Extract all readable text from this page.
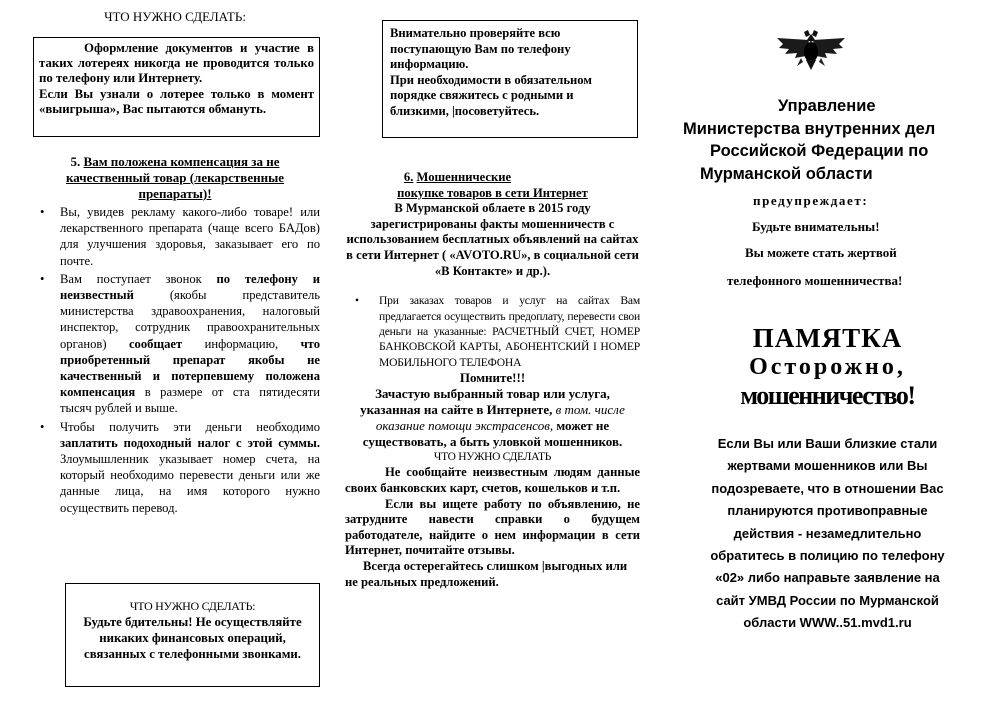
ЧТО НУЖНО СДЕЛАТЬ:

Оформление документов и участие в таких лотереях никогда не проводится только по телефону или Интернету.

Если Вы узнали о лотерее только в момент «выигрыша», Вас пытаются обмануть.

5. Вам положена компенсация за не качественный товар (лекарственные препараты)!

• Вы, увидев рекламу какого-либо товаре! или лекарственного препарата (чаще всего БАДов) для улучшения здоровья, заказывает его по почте.
• Вам поступает звонок по телефону и неизвестный (якобы представитель министерства здравоохранения, налоговый инспектор, сотрудник правоохранительных органов) сообщает информацию, что приобретенный препарат якобы не качественный и потерпевшему положена компенсация в размере от ста пятидесяти тысяч рублей и выше.
• Чтобы получить эти деньги необходимо заплатить подоходный налог с этой суммы. Злоумышленник указывает номер счета, на который необходимо перевести деньги или же данные лица, на имя которого нужно осуществить перевод.

ЧТО НУЖНО СДЕЛАТЬ:

Будьте бдительны! Не осуществляйте никаких финансовых операций, связанных с телефонными звонками.

Внимательно проверяйте всю поступающую Вам по телефону информацию.

При необходимости в обязательном порядке свяжитесь с родными и близкими, |посоветуйтесь.

6. Мошеннические

покупке товаров в сети Интернет

В Мурманской облаете в 2015 году зарегистрированы факты мошенничеств с использованием бесплатных объявлений на сайтах в сети Интернет ( «AVOTO.RU», в социальной сети «В Контакте» и др.).

• При заказах товаров и услуг на сайтах Вам предлагается осуществить предоплату, перевести свои деньги на указанные: РАСЧЕТНЫЙ СЧЕТ, НОМЕР БАНКОВСКОЙ КАРТЫ, АБОНЕНТСКИЙ I НОМЕР МОБИЛЬНОГО ТЕЛЕФОНА

Помните!!!

Зачастую выбранный товар или услуга, указанная на сайте в Интернете, в том. числе оказание помощи экстрасенсов, может не существовать, а быть уловкой мошенников.

ЧТО НУЖНО СДЕЛАТЬ

Не сообщайте неизвестным людям данные своих банковских карт, счетов, кошельков и т.п.

Если вы ищете работу по объявлению, не затрудните навести справки о будущем работодателе, найдите о нем информации в сети Интернет, почитайте отзывы.

Всегда остерегайтесь слишком |выгодных или не реальных предложений.

Управление

Министерства внутренних дел

Российской Федерации по

Мурманской области

предупреждает:

Будьте внимательны!

Вы можете стать жертвой

телефонного мошенничества!

ПАМЯТКА

Осторожно,

мошенничество!

Если Вы или Ваши близкие стали

жертвами мошенников или Вы

подозреваете, что в отношении Вас

планируются противоправные

действия - незамедлительно

обратитесь в полицию по телефону

«02» либо направьте заявление на

сайт УМВД России по Мурманской

области WWW..51.mvd1.ru
